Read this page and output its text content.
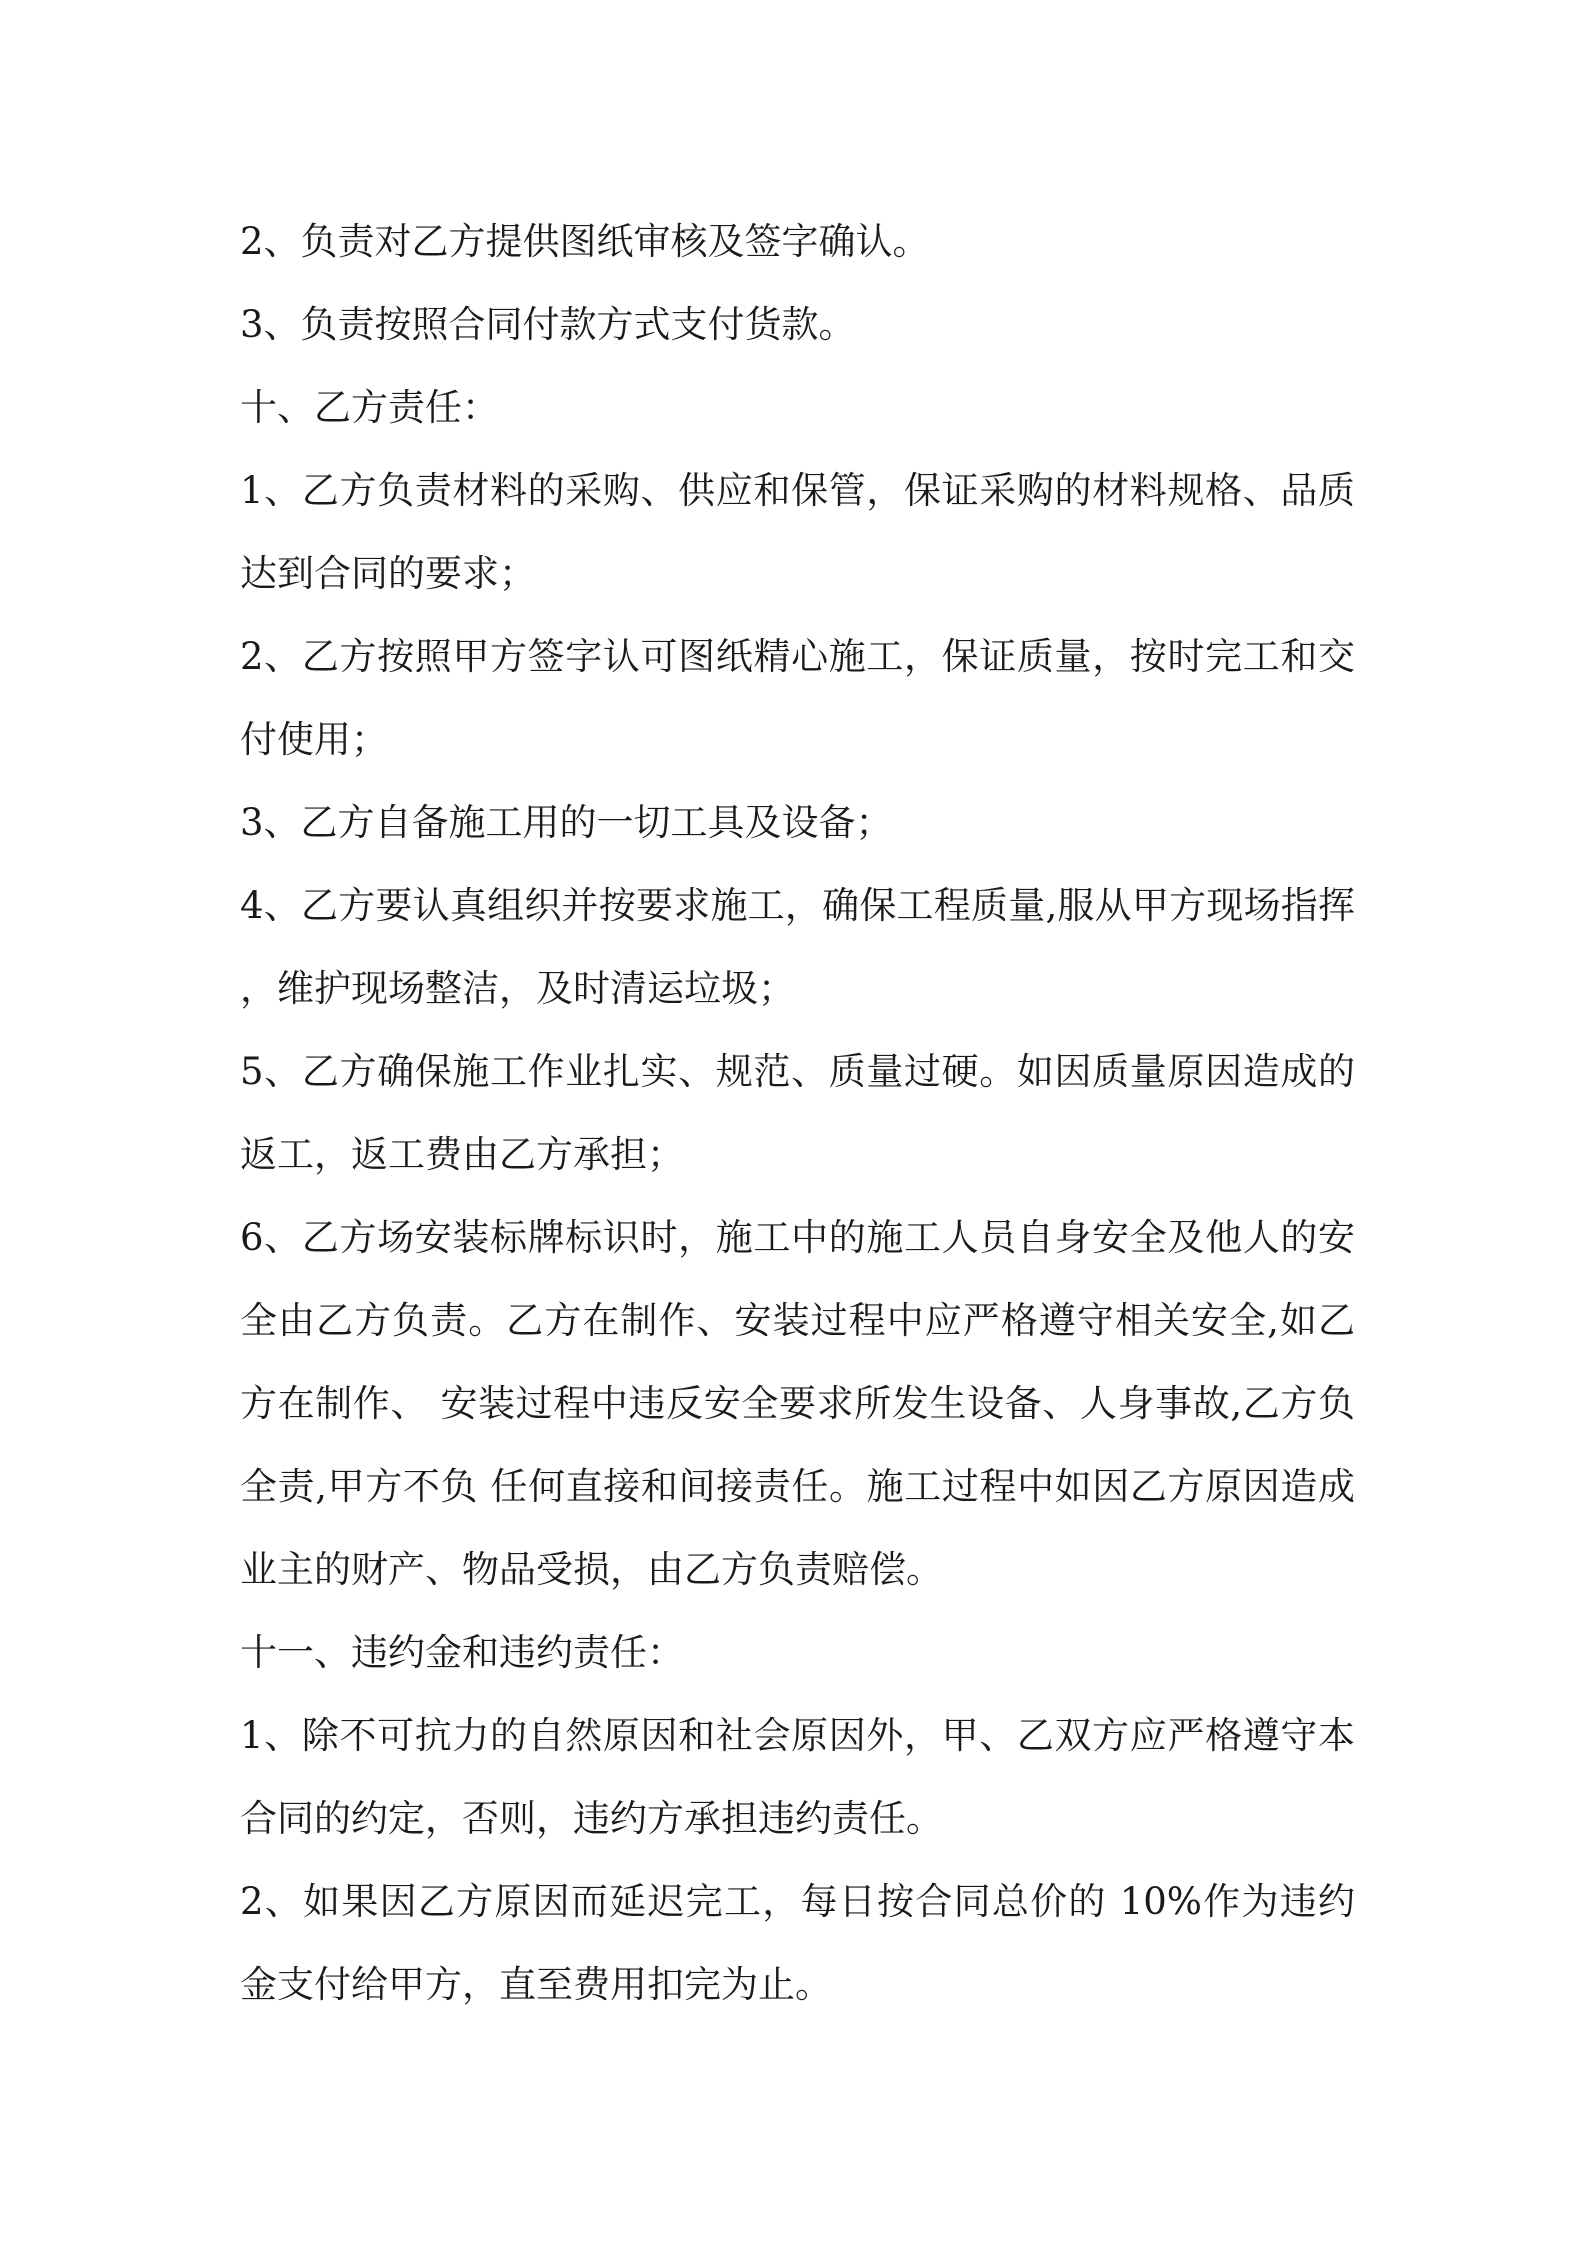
2、负责对乙方提供图纸审核及签字确认。

3、负责按照合同付款方式支付货款。

十、乙方责任：

1、乙方负责材料的采购、供应和保管，保证采购的材料规格、品质达到合同的要求；

2、乙方按照甲方签字认可图纸精心施工，保证质量，按时完工和交付使用；

3、乙方自备施工用的一切工具及设备；

4、乙方要认真组织并按要求施工，确保工程质量,服从甲方现场指挥，维护现场整洁，及时清运垃圾；

5、乙方确保施工作业扎实、规范、质量过硬。如因质量原因造成的返工，返工费由乙方承担；

6、乙方场安装标牌标识时，施工中的施工人员自身安全及他人的安全由乙方负责。乙方在制作、安装过程中应严格遵守相关安全,如乙方在制作、 安装过程中违反安全要求所发生设备、人身事故,乙方负全责,甲方不负 任何直接和间接责任。施工过程中如因乙方原因造成业主的财产、物品受损，由乙方负责赔偿。

十一、违约金和违约责任：

1、除不可抗力的自然原因和社会原因外，甲、乙双方应严格遵守本合同的约定，否则，违约方承担违约责任。

2、如果因乙方原因而延迟完工，每日按合同总价的 10%作为违约金支付给甲方，直至费用扣完为止。
